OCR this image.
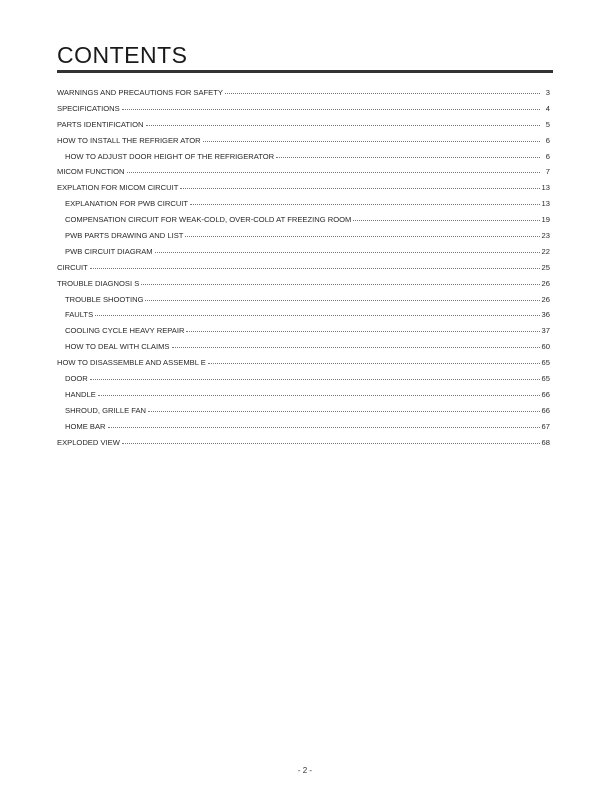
CONTENTS
WARNINGS AND PRECAUTIONS FOR SAFETY	3
SPECIFICATIONS	4
PARTS IDENTIFICATION	5
HOW TO INSTALL THE REFRIGER ATOR	6
HOW TO ADJUST DOOR HEIGHT OF THE REFRIGERATOR	6
MICOM FUNCTION	7
EXPLATION FOR MICOM CIRCUIT	13
EXPLANATION FOR PWB CIRCUIT	13
COMPENSATION CIRCUIT FOR WEAK-COLD, OVER-COLD AT FREEZING ROOM	19
PWB PARTS DRAWING AND LIST	23
PWB CIRCUIT DIAGRAM	22
CIRCUIT	25
TROUBLE DIAGNOSI S	26
TROUBLE SHOOTING	26
FAULTS	36
COOLING CYCLE HEAVY REPAIR	37
HOW TO DEAL WITH CLAIMS	60
HOW TO DISASSEMBLE AND ASSEMBL E	65
DOOR	65
HANDLE	66
SHROUD, GRILLE FAN	66
HOME BAR	67
EXPLODED VIEW	68
- 2 -
